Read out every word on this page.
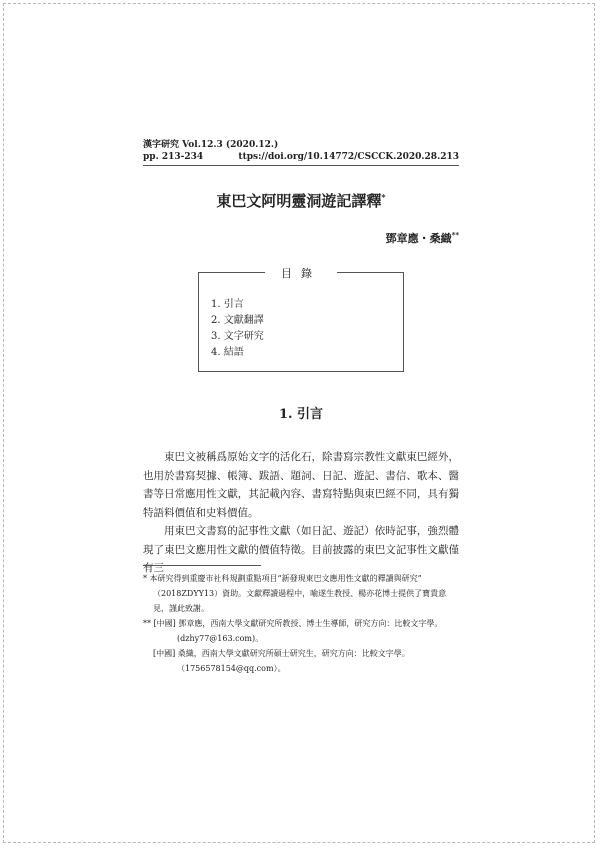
漢字研究 Vol.12.3 (2020.12.)
pp. 213-234	ttps://doi.org/10.14772/CSCCK.2020.28.213
東巴文阿明靈洞遊記譯釋*
鄧章應・桑織**
目錄
1. 引言
2. 文獻翻譯
3. 文字研究
4. 結語
1. 引言

東巴文被稱爲原始文字的活化石，除書寫宗教性文獻東巴經外，也用於書寫契據、帳簿、跋語、題詞、日記、遊記、書信、歌本、醫書等日常應用性文獻，其記載內容、書寫特點與東巴經不同，具有獨特語料價值和史料價值。

用東巴文書寫的記事性文獻（如日記、遊記）依時記事，強烈體現了東巴文應用性文獻的價值特徵。目前披露的東巴文記事性文獻僅有三

* 本研究得到重慶市社科規劃重點項目“新發現東巴文應用性文獻的釋讀與研究”
（2018ZDYY13）資助。文獻釋讀過程中，喻遂生教授、楊亦花博士提供了寶貴意
見，謹此致謝。
** [中國] 鄧章應，西南大學文獻研究所教授、博士生導師，研究方向：比較文字學。
(dzhy77@163.com)。
[中國] 桑織，西南大學文獻研究所碩士研究生，研究方向：比較文字學。
（1756578154@qq.com）。
